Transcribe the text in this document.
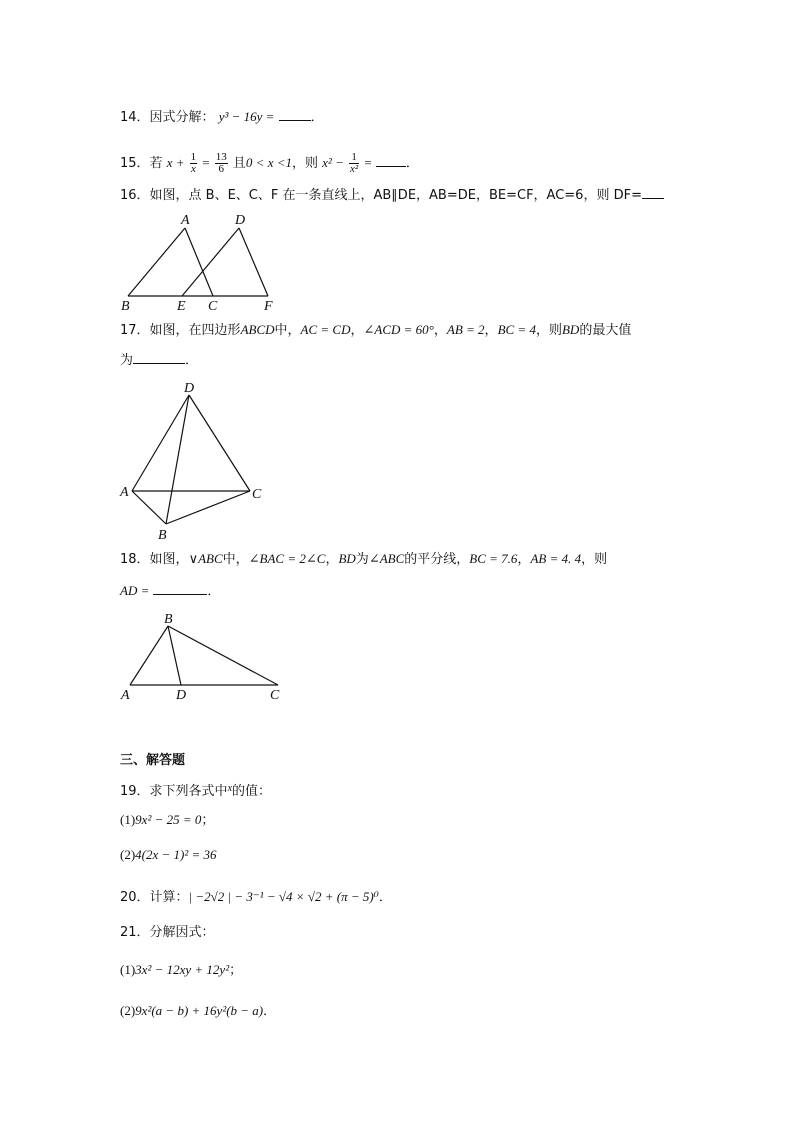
14．因式分解： y³ − 16y =	．
15．若 $x + \frac{1}{x} = \frac{13}{6}$ 且0 < x <1，则 $x^2 - \frac{1}{\text{x²}}$ =	．
16．如图，点 B、E、C、F 在一条直线上，AB∥DE，AB=DE，BE=CF，AC=6，则 DF=
A	D
B	E C	F
17．如图，在四边形ABCD中，AC = CD，∠ACD = 60°，AB = 2，BC = 4，则BD的最大值
为	．
D
A	C
B
18．如图，∨ABC中，∠BAC = 2∠C，BD为∠ABC的平分线，BC = 7.6，AB = 4. 4，则
AD =	．
B
A	D	C
三、解答题
19．求下列各式中$^x$的值：
(1)9x² − 25 = 0；
(2)4(2x − 1)² = 36
20．计算：| −2√2 | − 3⁻¹ − √4 × √2 + (π − 5)⁰．
21．分解因式：
(1)3x² − 12xy + 12y²；
(2)9x²(a − b) + 16y²(b − a)．
